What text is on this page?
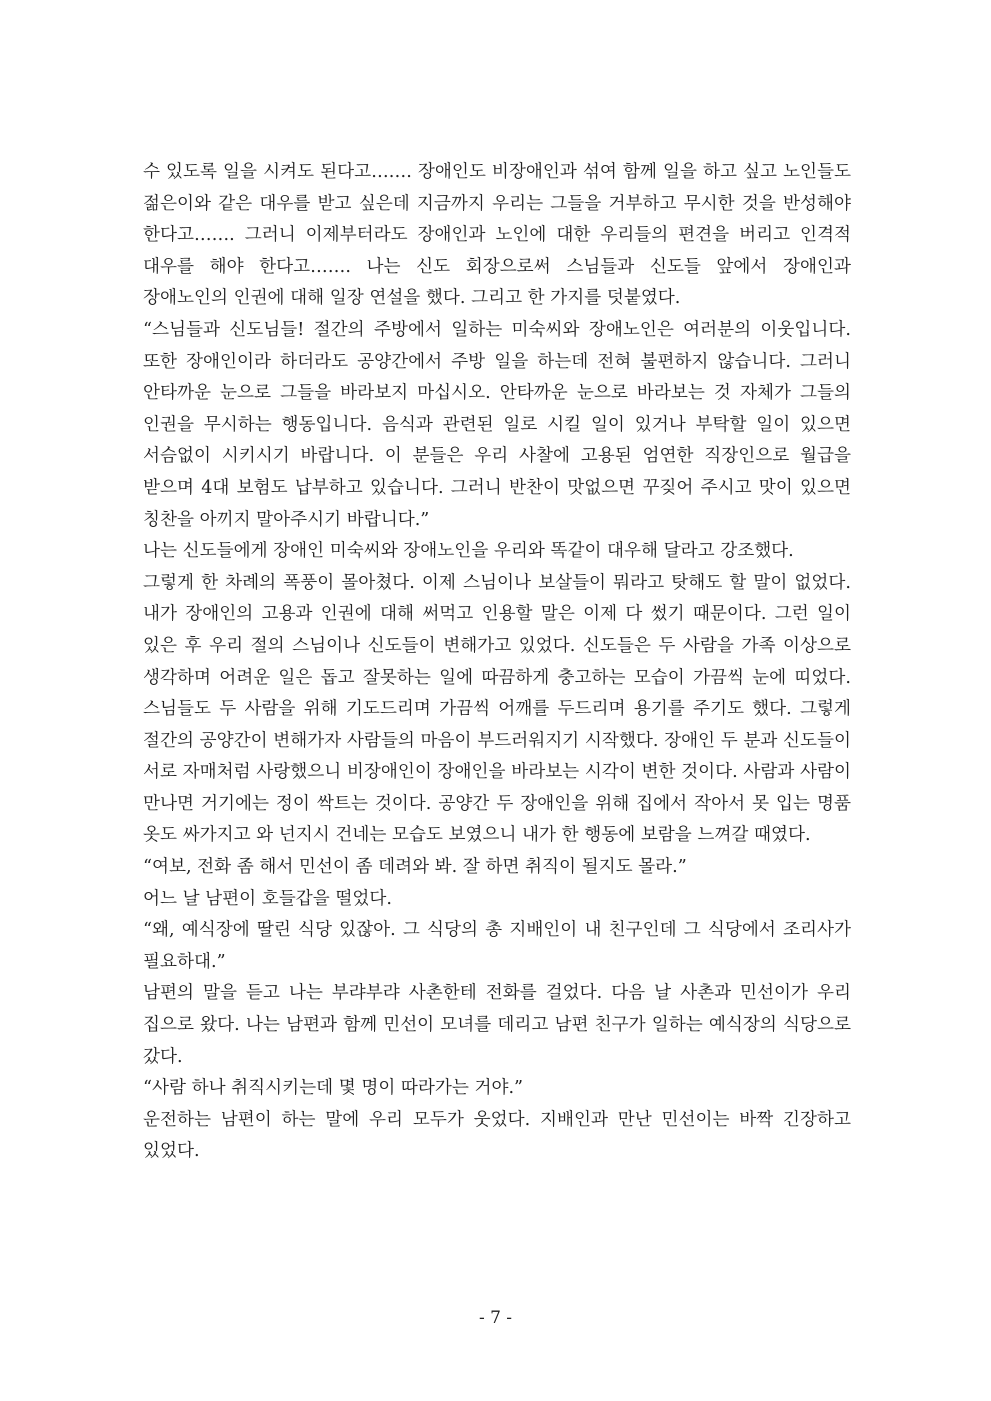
수 있도록 일을 시켜도 된다고……. 장애인도 비장애인과 섞여 함께 일을 하고 싶고 노인들도 젊은이와 같은 대우를 받고 싶은데 지금까지 우리는 그들을 거부하고 무시한 것을 반성해야 한다고……. 그러니 이제부터라도 장애인과 노인에 대한 우리들의 편견을 버리고 인격적 대우를 해야 한다고……. 나는 신도 회장으로써 스님들과 신도들 앞에서 장애인과 장애노인의 인권에 대해 일장 연설을 했다. 그리고 한 가지를 덧붙였다.

“스님들과 신도님들! 절간의 주방에서 일하는 미숙씨와 장애노인은 여러분의 이웃입니다. 또한 장애인이라 하더라도 공양간에서 주방 일을 하는데 전혀 불편하지 않습니다. 그러니 안타까운 눈으로 그들을 바라보지 마십시오. 안타까운 눈으로 바라보는 것 자체가 그들의 인권을 무시하는 행동입니다. 음식과 관련된 일로 시킬 일이 있거나 부탁할 일이 있으면 서슴없이 시키시기 바랍니다. 이 분들은 우리 사찰에 고용된 엄연한 직장인으로 월급을 받으며 4대 보험도 납부하고 있습니다. 그러니 반찬이 맛없으면 꾸짖어 주시고 맛이 있으면 칭찬을 아끼지 말아주시기 바랍니다.”

나는 신도들에게 장애인 미숙씨와 장애노인을 우리와 똑같이 대우해 달라고 강조했다.

그렇게 한 차례의 폭풍이 몰아쳤다. 이제 스님이나 보살들이 뭐라고 탓해도 할 말이 없었다. 내가 장애인의 고용과 인권에 대해 써먹고 인용할 말은 이제 다 썼기 때문이다. 그런 일이 있은 후 우리 절의 스님이나 신도들이 변해가고 있었다. 신도들은 두 사람을 가족 이상으로 생각하며 어려운 일은 돕고 잘못하는 일에 따끔하게 충고하는 모습이 가끔씩 눈에 띠었다. 스님들도 두 사람을 위해 기도드리며 가끔씩 어깨를 두드리며 용기를 주기도 했다. 그렇게 절간의 공양간이 변해가자 사람들의 마음이 부드러워지기 시작했다. 장애인 두 분과 신도들이 서로 자매처럼 사랑했으니 비장애인이 장애인을 바라보는 시각이 변한 것이다. 사람과 사람이 만나면 거기에는 정이 싹트는 것이다. 공양간 두 장애인을 위해 집에서 작아서 못 입는 명품 옷도 싸가지고 와 넌지시 건네는 모습도 보였으니 내가 한 행동에 보람을 느껴갈 때였다.

“여보, 전화 좀 해서 민선이 좀 데려와 봐. 잘 하면 취직이 될지도 몰라.”

어느 날 남편이 호들갑을 떨었다.

“왜, 예식장에 딸린 식당 있잖아. 그 식당의 총 지배인이 내 친구인데 그 식당에서 조리사가 필요하대.”

남편의 말을 듣고 나는 부랴부랴 사촌한테 전화를 걸었다. 다음 날 사촌과 민선이가 우리 집으로 왔다. 나는 남편과 함께 민선이 모녀를 데리고 남편 친구가 일하는 예식장의 식당으로 갔다.

“사람 하나 취직시키는데 몇 명이 따라가는 거야.”

운전하는 남편이 하는 말에 우리 모두가 웃었다. 지배인과 만난 민선이는 바짝 긴장하고 있었다.

- 7 -
